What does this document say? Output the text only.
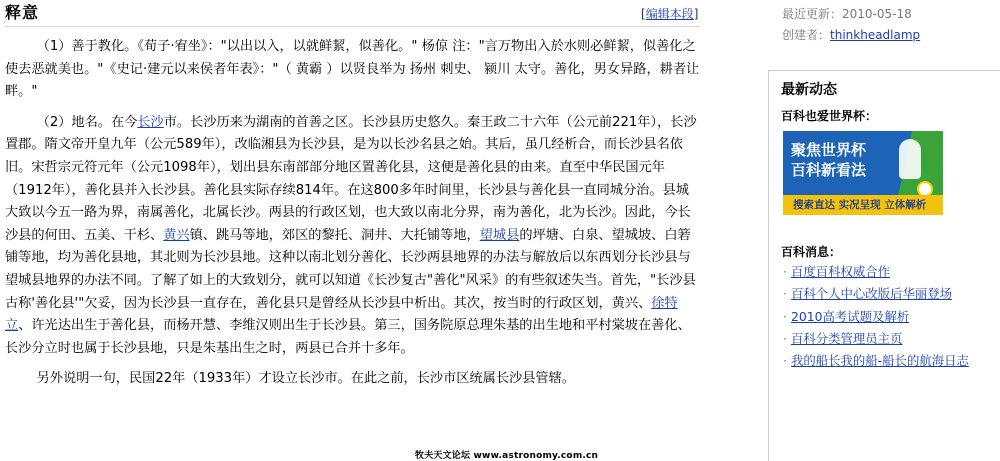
释意	[编辑本段]

（1）善于教化。《荀子·宥坐》："以出以入，以就鲜絜，似善化。" 杨倞 注："言万物出入於水则必鲜絜，似善化之使去恶就美也。"《史记·建元以来侯者年表》："（ 黄霸 ）以贤良举为 扬州 刺史、 颍川 太守。善化，男女异路，耕者让畔。"

（2）地名。在今长沙市。长沙历来为湖南的首善之区。长沙县历史悠久。秦王政二十六年（公元前221年），长沙置郡。隋文帝开皇九年（公元589年），改临湘县为长沙县，是为以长沙名县之始。其后，虽几经析合，而长沙县名依旧。宋哲宗元符元年（公元1098年），划出县东南部部分地区置善化县，这便是善化县的由来。直至中华民国元年（1912年），善化县并入长沙县。善化县实际存续814年。在这800多年时间里，长沙县与善化县一直同城分治。县城大致以今五一路为界，南属善化，北属长沙。两县的行政区划，也大致以南北分界，南为善化，北为长沙。因此，今长沙县的何田、五美、干杉、黄兴镇、跳马等地，郊区的黎托、洞井、大托铺等地，望城县的坪塘、白泉、望城坡、白箬铺等地，均为善化县地，其北则为长沙县地。这种以南北划分善化、长沙两县地界的办法与解放后以东西划分长沙县与望城县地界的办法不同。了解了如上的大致划分，就可以知道《长沙复古"善化"风采》的有些叙述失当。首先，"长沙县古称'善化县'"欠妥，因为长沙县一直存在，善化县只是曾经从长沙县中析出。其次，按当时的行政区划，黄兴、徐特立、许光达出生于善化县，而杨开慧、李维汉则出生于长沙县。第三，国务院原总理朱基的出生地和平村棠坡在善化、长沙分立时也属于长沙县地，只是朱基出生之时，两县已合并十多年。

另外说明一句，民国22年（1933年）才设立长沙市。在此之前，长沙市区统属长沙县管辖。

牧夫天文论坛 www.astronomy.com.cn
最近更新：2010-05-18
创建者：thinkheadlamp
最新动态
百科也爱世界杯：
聚焦世界杯
百科新看法
搜索直达 实况呈现 立体解析
百科消息：
· 百度百科权威合作
· 百科个人中心改版后华丽登场
· 2010高考试题及解析
· 百科分类管理员主页
· 我的船长我的船-船长的航海日志
